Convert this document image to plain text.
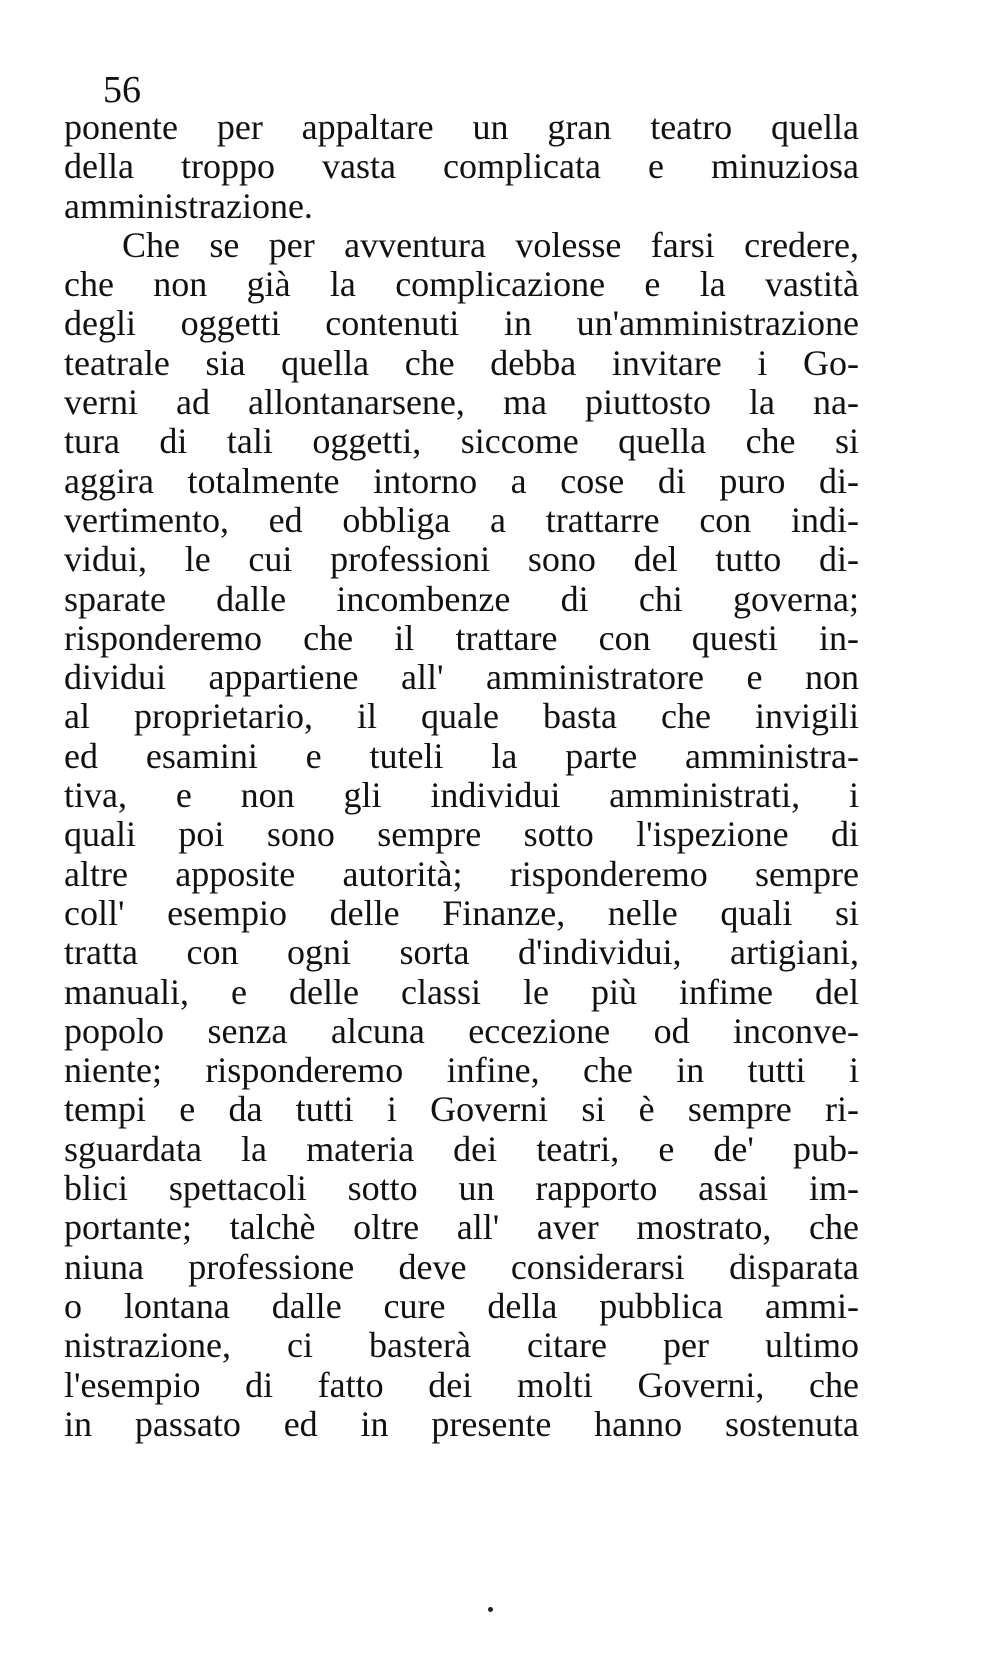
56
ponente per appaltare un gran teatro quella
della troppo vasta complicata e minuziosa
amministrazione.
Che se per avventura volesse farsi credere,
che non già la complicazione e la vastità
degli oggetti contenuti in un'amministrazione
teatrale sia quella che debba invitare i Go-
verni ad allontanarsene, ma piuttosto la na-
tura di tali oggetti, siccome quella che si
aggira totalmente intorno a cose di puro di-
vertimento, ed obbliga a trattarre con indi-
vidui, le cui professioni sono del tutto di-
sparate dalle incombenze di chi governa;
risponderemo che il trattare con questi in-
dividui appartiene all' amministratore e non
al proprietario, il quale basta che invigili
ed esamini e tuteli la parte amministra-
tiva, e non gli individui amministrati, i
quali poi sono sempre sotto l'ispezione di
altre apposite autorità; risponderemo sempre
coll' esempio delle Finanze, nelle quali si
tratta con ogni sorta d'individui, artigiani,
manuali, e delle classi le più infime del
popolo senza alcuna eccezione od inconve-
niente; risponderemo infine, che in tutti i
tempi e da tutti i Governi si è sempre ri-
sguardata la materia dei teatri, e de' pub-
blici spettacoli sotto un rapporto assai im-
portante; talchè oltre all' aver mostrato, che
niuna professione deve considerarsi disparata
o lontana dalle cure della pubblica ammi-
nistrazione, ci basterà citare per ultimo
l'esempio di fatto dei molti Governi, che
in passato ed in presente hanno sostenuta
